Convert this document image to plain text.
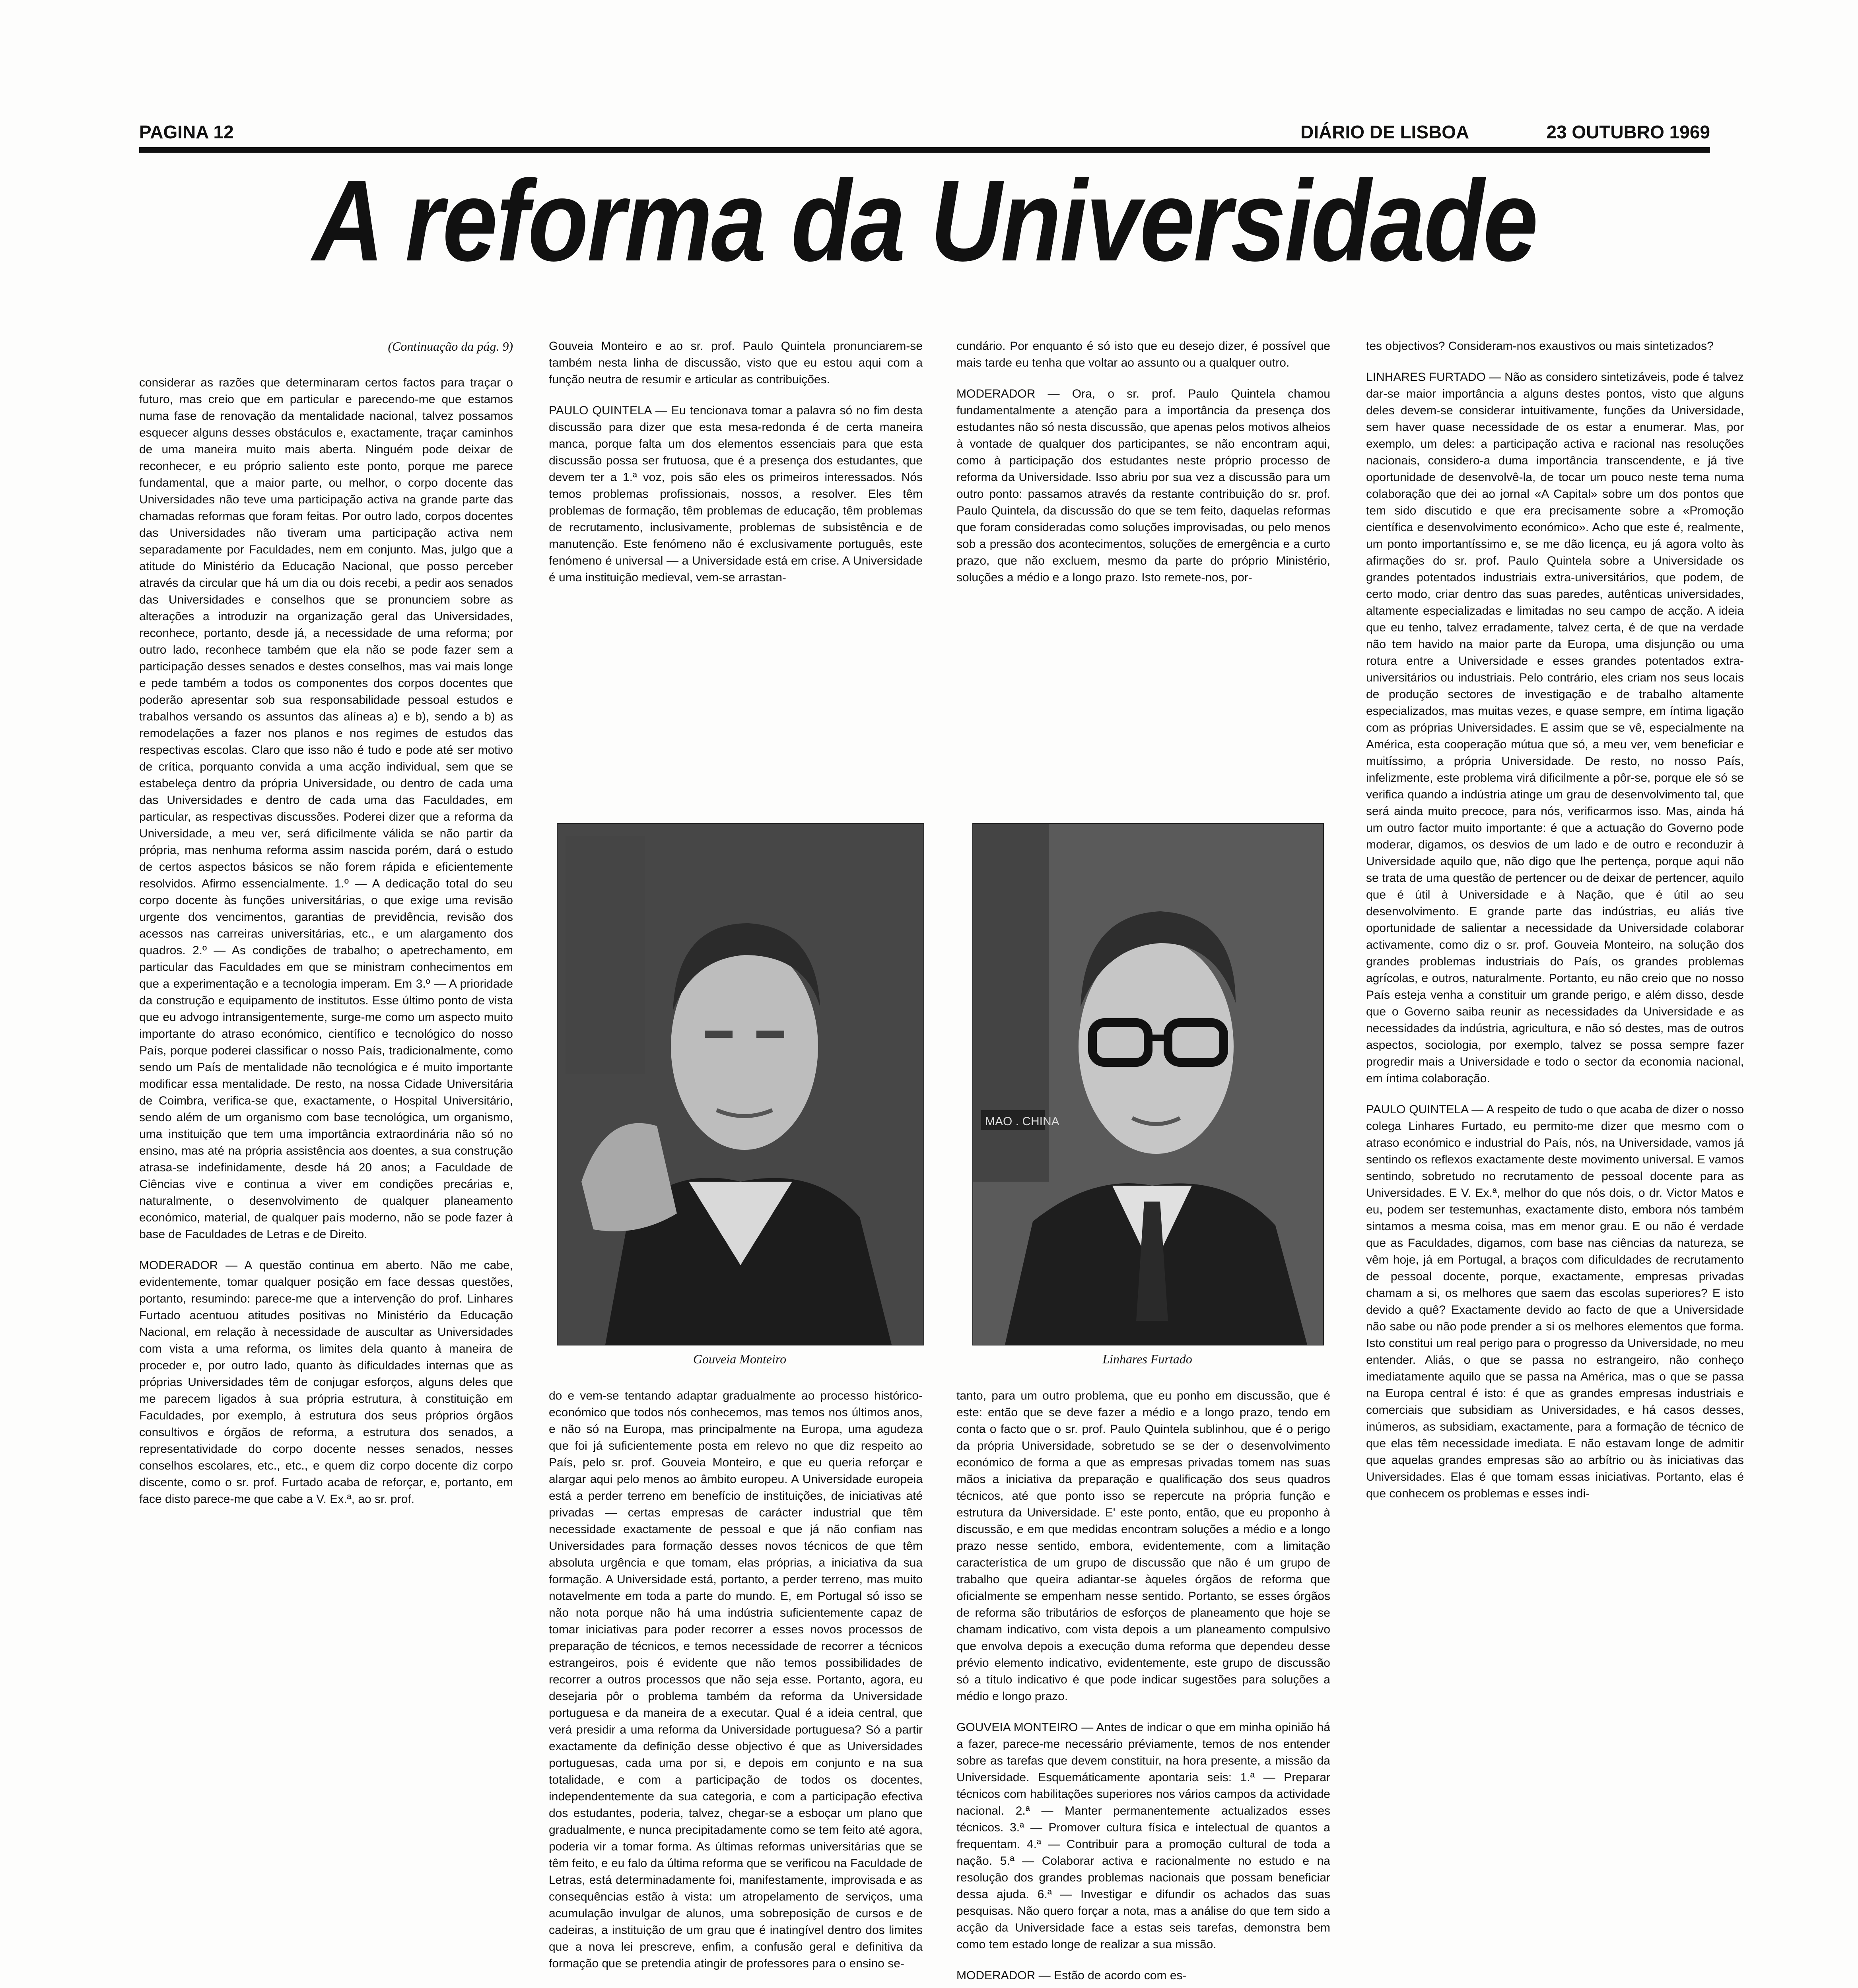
PAGINA 12	DIÁRIO DE LISBOA	23 OUTUBRO 1969
A reforma da Universidade
(Continuação da pág. 9)

considerar as razões que determinaram certos factos para traçar o futuro, mas creio que em particular e parecendo-me que estamos numa fase de renovação da mentalidade nacional, talvez possamos esquecer alguns desses obstáculos e, exactamente, traçar caminhos de uma maneira muito mais aberta. Ninguém pode deixar de reconhecer, e eu próprio saliento este ponto, porque me parece fundamental, que a maior parte, ou melhor, o corpo docente das Universidades não teve uma participação activa na grande parte das chamadas reformas que foram feitas. Por outro lado, corpos docentes das Universidades não tiveram uma participação activa nem separadamente por Faculdades, nem em conjunto. Mas, julgo que a atitude do Ministério da Educação Nacional, que posso perceber através da circular que há um dia ou dois recebi, a pedir aos senados das Universidades e conselhos que se pronunciem sobre as alterações a introduzir na organização geral das Universidades, reconhece, portanto, desde já, a necessidade de uma reforma; por outro lado, reconhece também que ela não se pode fazer sem a participação desses senados e destes conselhos, mas vai mais longe e pede também a todos os componentes dos corpos docentes que poderão apresentar sob sua responsabilidade pessoal estudos e trabalhos versando os assuntos das alíneas a) e b), sendo a b) as remodelações a fazer nos planos e nos regimes de estudos das respectivas escolas. Claro que isso não é tudo e pode até ser motivo de crítica, porquanto convida a uma acção individual, sem que se estabeleça dentro da própria Universidade, ou dentro de cada uma das Universidades e dentro de cada uma das Faculdades, em particular, as respectivas discussões. Poderei dizer que a reforma da Universidade, a meu ver, será dificilmente válida se não partir da própria, mas nenhuma reforma assim nascida porém, dará o estudo de certos aspectos básicos se não forem rápida e eficientemente resolvidos. Afirmo essencialmente. 1.º — A dedicação total do seu corpo docente às funções universitárias, o que exige uma revisão urgente dos vencimentos, garantias de previdência, revisão dos acessos nas carreiras universitárias, etc., e um alargamento dos quadros. 2.º — As condições de trabalho; o apetrechamento, em particular das Faculdades em que se ministram conhecimentos em que a experimentação e a tecnologia imperam. Em 3.º — A prioridade da construção e equipamento de institutos. Esse último ponto de vista que eu advogo intransigentemente, surge-me como um aspecto muito importante do atraso económico, científico e tecnológico do nosso País, porque poderei classificar o nosso País, tradicionalmente, como sendo um País de mentalidade não tecnológica e é muito importante modificar essa mentalidade. De resto, na nossa Cidade Universitária de Coimbra, verifica-se que, exactamente, o Hospital Universitário, sendo além de um organismo com base tecnológica, um organismo, uma instituição que tem uma importância extraordinária não só no ensino, mas até na própria assistência aos doentes, a sua construção atrasa-se indefinidamente, desde há 20 anos; a Faculdade de Ciências vive e continua a viver em condições precárias e, naturalmente, o desenvolvimento de qualquer planeamento económico, material, de qualquer país moderno, não se pode fazer à base de Faculdades de Letras e de Direito.

MODERADOR — A questão continua em aberto. Não me cabe, evidentemente, tomar qualquer posição em face dessas questões, portanto, resumindo: parece-me que a intervenção do prof. Linhares Furtado acentuou atitudes positivas no Ministério da Educação Nacional, em relação à necessidade de auscultar as Universidades com vista a uma reforma, os limites dela quanto à maneira de proceder e, por outro lado, quanto às dificuldades internas que as próprias Universidades têm de conjugar esforços, alguns deles que me parecem ligados à sua própria estrutura, à constituição em Faculdades, por exemplo, à estrutura dos seus próprios órgãos consultivos e órgãos de reforma, a estrutura dos senados, a representatividade do corpo docente nesses senados, nesses conselhos escolares, etc., etc., e quem diz corpo docente diz corpo discente, como o sr. prof. Furtado acaba de reforçar, e, portanto, em face disto parece-me que cabe a V. Ex.ª, ao sr. prof.

Gouveia Monteiro e ao sr. prof. Paulo Quintela pronunciarem-se também nesta linha de discussão, visto que eu estou aqui com a função neutra de resumir e articular as contribuições.

PAULO QUINTELA — Eu tencionava tomar a palavra só no fim desta discussão para dizer que esta mesa-redonda é de certa maneira manca, porque falta um dos elementos essenciais para que esta discussão possa ser frutuosa, que é a presença dos estudantes, que devem ter a 1.ª voz, pois são eles os primeiros interessados. Nós temos problemas profissionais, nossos, a resolver. Eles têm problemas de formação, têm problemas de educação, têm problemas de recrutamento, inclusivamente, problemas de subsistência e de manutenção. Este fenómeno não é exclusivamente português, este fenómeno é universal — a Universidade está em crise. A Universidade é uma instituição medieval, vem-se arrastan-

cundário. Por enquanto é só isto que eu desejo dizer, é possível que mais tarde eu tenha que voltar ao assunto ou a qualquer outro.

MODERADOR — Ora, o sr. prof. Paulo Quintela chamou fundamentalmente a atenção para a importância da presença dos estudantes não só nesta discussão, que apenas pelos motivos alheios à vontade de qualquer dos participantes, se não encontram aqui, como à participação dos estudantes neste próprio processo de reforma da Universidade. Isso abriu por sua vez a discussão para um outro ponto: passamos através da restante contribuição do sr. prof. Paulo Quintela, da discussão do que se tem feito, daquelas reformas que foram consideradas como soluções improvisadas, ou pelo menos sob a pressão dos acontecimentos, soluções de emergência e a curto prazo, que não excluem, mesmo da parte do próprio Ministério, soluções a médio e a longo prazo. Isto remete-nos, por-

Gouveia Monteiro
MAO . CHINA
Linhares Furtado

do e vem-se tentando adaptar gradualmente ao processo histórico-económico que todos nós conhecemos, mas temos nos últimos anos, e não só na Europa, mas principalmente na Europa, uma agudeza que foi já suficientemente posta em relevo no que diz respeito ao País, pelo sr. prof. Gouveia Monteiro, e que eu queria reforçar e alargar aqui pelo menos ao âmbito europeu. A Universidade europeia está a perder terreno em benefício de instituições, de iniciativas até privadas — certas empresas de carácter industrial que têm necessidade exactamente de pessoal e que já não confiam nas Universidades para formação desses novos técnicos de que têm absoluta urgência e que tomam, elas próprias, a iniciativa da sua formação. A Universidade está, portanto, a perder terreno, mas muito notavelmente em toda a parte do mundo. E, em Portugal só isso se não nota porque não há uma indústria suficientemente capaz de tomar iniciativas para poder recorrer a esses novos processos de preparação de técnicos, e temos necessidade de recorrer a técnicos estrangeiros, pois é evidente que não temos possibilidades de recorrer a outros processos que não seja esse. Portanto, agora, eu desejaria pôr o problema também da reforma da Universidade portuguesa e da maneira de a executar. Qual é a ideia central, que verá presidir a uma reforma da Universidade portuguesa? Só a partir exactamente da definição desse objectivo é que as Universidades portuguesas, cada uma por si, e depois em conjunto e na sua totalidade, e com a participação de todos os docentes, independentemente da sua categoria, e com a participação efectiva dos estudantes, poderia, talvez, chegar-se a esboçar um plano que gradualmente, e nunca precipitadamente como se tem feito até agora, poderia vir a tomar forma. As últimas reformas universitárias que se têm feito, e eu falo da última reforma que se verificou na Faculdade de Letras, está determinadamente foi, manifestamente, improvisada e as consequências estão à vista: um atropelamento de serviços, uma acumulação invulgar de alunos, uma sobreposição de cursos e de cadeiras, a instituição de um grau que é inatingível dentro dos limites que a nova lei prescreve, enfim, a confusão geral e definitiva da formação que se pretendia atingir de professores para o ensino se-

tanto, para um outro problema, que eu ponho em discussão, que é este: então que se deve fazer a médio e a longo prazo, tendo em conta o facto que o sr. prof. Paulo Quintela sublinhou, que é o perigo da própria Universidade, sobretudo se se der o desenvolvimento económico de forma a que as empresas privadas tomem nas suas mãos a iniciativa da preparação e qualificação dos seus quadros técnicos, até que ponto isso se repercute na própria função e estrutura da Universidade. E' este ponto, então, que eu proponho à discussão, e em que medidas encontram soluções a médio e a longo prazo nesse sentido, embora, evidentemente, com a limitação característica de um grupo de discussão que não é um grupo de trabalho que queira adiantar-se àqueles órgãos de reforma que oficialmente se empenham nesse sentido. Portanto, se esses órgãos de reforma são tributários de esforços de planeamento que hoje se chamam indicativo, com vista depois a um planeamento compulsivo que envolva depois a execução duma reforma que dependeu desse prévio elemento indicativo, evidentemente, este grupo de discussão só a título indicativo é que pode indicar sugestões para soluções a médio e longo prazo.

GOUVEIA MONTEIRO — Antes de indicar o que em minha opinião há a fazer, parece-me necessário préviamente, temos de nos entender sobre as tarefas que devem constituir, na hora presente, a missão da Universidade. Esquemáticamente apontaria seis: 1.ª — Preparar técnicos com habilitações superiores nos vários campos da actividade nacional. 2.ª — Manter permanentemente actualizados esses técnicos. 3.ª — Promover cultura física e intelectual de quantos a frequentam. 4.ª — Contribuir para a promoção cultural de toda a nação. 5.ª — Colaborar activa e racionalmente no estudo e na resolução dos grandes problemas nacionais que possam beneficiar dessa ajuda. 6.ª — Investigar e difundir os achados das suas pesquisas. Não quero forçar a nota, mas a análise do que tem sido a acção da Universidade face a estas seis tarefas, demonstra bem como tem estado longe de realizar a sua missão.

MODERADOR — Estão de acordo com es-

tes objectivos? Consideram-nos exaustivos ou mais sintetizados?

LINHARES FURTADO — Não as considero sintetizáveis, pode é talvez dar-se maior importância a alguns destes pontos, visto que alguns deles devem-se considerar intuitivamente, funções da Universidade, sem haver quase necessidade de os estar a enumerar. Mas, por exemplo, um deles: a participação activa e racional nas resoluções nacionais, considero-a duma importância transcendente, e já tive oportunidade de desenvolvê-la, de tocar um pouco neste tema numa colaboração que dei ao jornal «A Capital» sobre um dos pontos que tem sido discutido e que era precisamente sobre a «Promoção científica e desenvolvimento económico». Acho que este é, realmente, um ponto importantíssimo e, se me dão licença, eu já agora volto às afirmações do sr. prof. Paulo Quintela sobre a Universidade os grandes potentados industriais extra-universitários, que podem, de certo modo, criar dentro das suas paredes, autênticas universidades, altamente especializadas e limitadas no seu campo de acção. A ideia que eu tenho, talvez erradamente, talvez certa, é de que na verdade não tem havido na maior parte da Europa, uma disjunção ou uma rotura entre a Universidade e esses grandes potentados extra-universitários ou industriais. Pelo contrário, eles criam nos seus locais de produção sectores de investigação e de trabalho altamente especializados, mas muitas vezes, e quase sempre, em íntima ligação com as próprias Universidades. E assim que se vê, especialmente na América, esta cooperação mútua que só, a meu ver, vem beneficiar e muitíssimo, a própria Universidade. De resto, no nosso País, infelizmente, este problema virá dificilmente a pôr-se, porque ele só se verifica quando a indústria atinge um grau de desenvolvimento tal, que será ainda muito precoce, para nós, verificarmos isso. Mas, ainda há um outro factor muito importante: é que a actuação do Governo pode moderar, digamos, os desvios de um lado e de outro e reconduzir à Universidade aquilo que, não digo que lhe pertença, porque aqui não se trata de uma questão de pertencer ou de deixar de pertencer, aquilo que é útil à Universidade e à Nação, que é útil ao seu desenvolvimento. E grande parte das indústrias, eu aliás tive oportunidade de salientar a necessidade da Universidade colaborar activamente, como diz o sr. prof. Gouveia Monteiro, na solução dos grandes problemas industriais do País, os grandes problemas agrícolas, e outros, naturalmente. Portanto, eu não creio que no nosso País esteja venha a constituir um grande perigo, e além disso, desde que o Governo saiba reunir as necessidades da Universidade e as necessidades da indústria, agricultura, e não só destes, mas de outros aspectos, sociologia, por exemplo, talvez se possa sempre fazer progredir mais a Universidade e todo o sector da economia nacional, em íntima colaboração.

PAULO QUINTELA — A respeito de tudo o que acaba de dizer o nosso colega Linhares Furtado, eu permito-me dizer que mesmo com o atraso económico e industrial do País, nós, na Universidade, vamos já sentindo os reflexos exactamente deste movimento universal. E vamos sentindo, sobretudo no recrutamento de pessoal docente para as Universidades. E V. Ex.ª, melhor do que nós dois, o dr. Victor Matos e eu, podem ser testemunhas, exactamente disto, embora nós também sintamos a mesma coisa, mas em menor grau. E ou não é verdade que as Faculdades, digamos, com base nas ciências da natureza, se vêm hoje, já em Portugal, a braços com dificuldades de recrutamento de pessoal docente, porque, exactamente, empresas privadas chamam a si, os melhores que saem das escolas superiores? E isto devido a quê? Exactamente devido ao facto de que a Universidade não sabe ou não pode prender a si os melhores elementos que forma. Isto constitui um real perigo para o progresso da Universidade, no meu entender. Aliás, o que se passa no estrangeiro, não conheço imediatamente aquilo que se passa na América, mas o que se passa na Europa central é isto: é que as grandes empresas industriais e comerciais que subsidiam as Universidades, e há casos desses, inúmeros, as subsidiam, exactamente, para a formação de técnico de que elas têm necessidade imediata. E não estavam longe de admitir que aquelas grandes empresas são ao arbítrio ou às iniciativas das Universidades. Elas é que tomam essas iniciativas. Portanto, elas é que conhecem os problemas e esses indi-
